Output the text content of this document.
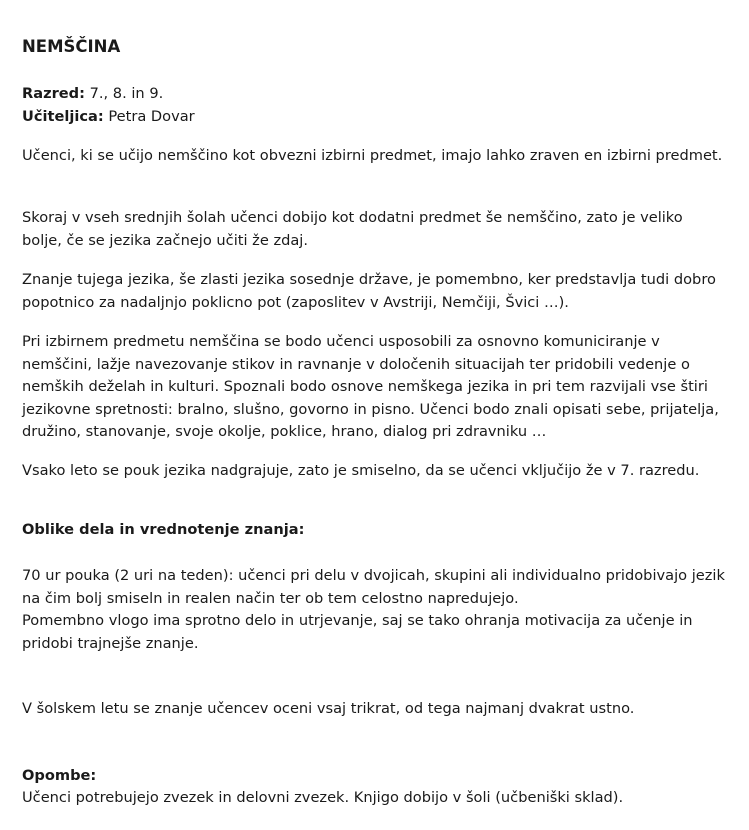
NEMŠČINA
Razred: 7., 8. in 9.
Učiteljica: Petra Dovar

Učenci, ki se učijo nemščino kot obvezni izbirni predmet, imajo lahko zraven en izbirni predmet.

Skoraj v vseh srednjih šolah učenci dobijo kot dodatni predmet še nemščino, zato je veliko bolje, če se jezika začnejo učiti že zdaj.

Znanje tujega jezika, še zlasti jezika sosednje države, je pomembno, ker predstavlja tudi dobro popotnico za nadaljnjo poklicno pot (zaposlitev v Avstriji, Nemčiji, Švici …).

Pri izbirnem predmetu nemščina se bodo učenci usposobili za osnovno komuniciranje v nemščini, lažje navezovanje stikov in ravnanje v določenih situacijah ter pridobili vedenje o nemških deželah in kulturi. Spoznali bodo osnove nemškega jezika in pri tem razvijali vse štiri jezikovne spretnosti: bralno, slušno, govorno in pisno. Učenci bodo znali opisati sebe, prijatelja, družino, stanovanje, svoje okolje, poklice, hrano, dialog pri zdravniku …

Vsako leto se pouk jezika nadgrajuje, zato je smiselno, da se učenci vključijo že v 7. razredu.

Oblike dela in vrednotenje znanja:
70 ur pouka (2 uri na teden): učenci pri delu v dvojicah, skupini ali individualno pridobivajo jezik na čim bolj smiseln in realen način ter ob tem celostno napredujejo.
Pomembno vlogo ima sprotno delo in utrjevanje, saj se tako ohranja motivacija za učenje in pridobi trajnejše znanje.

V šolskem letu se znanje učencev oceni vsaj trikrat, od tega najmanj dvakrat ustno.

Opombe:

Učenci potrebujejo zvezek in delovni zvezek. Knjigo dobijo v šoli (učbeniški sklad).
